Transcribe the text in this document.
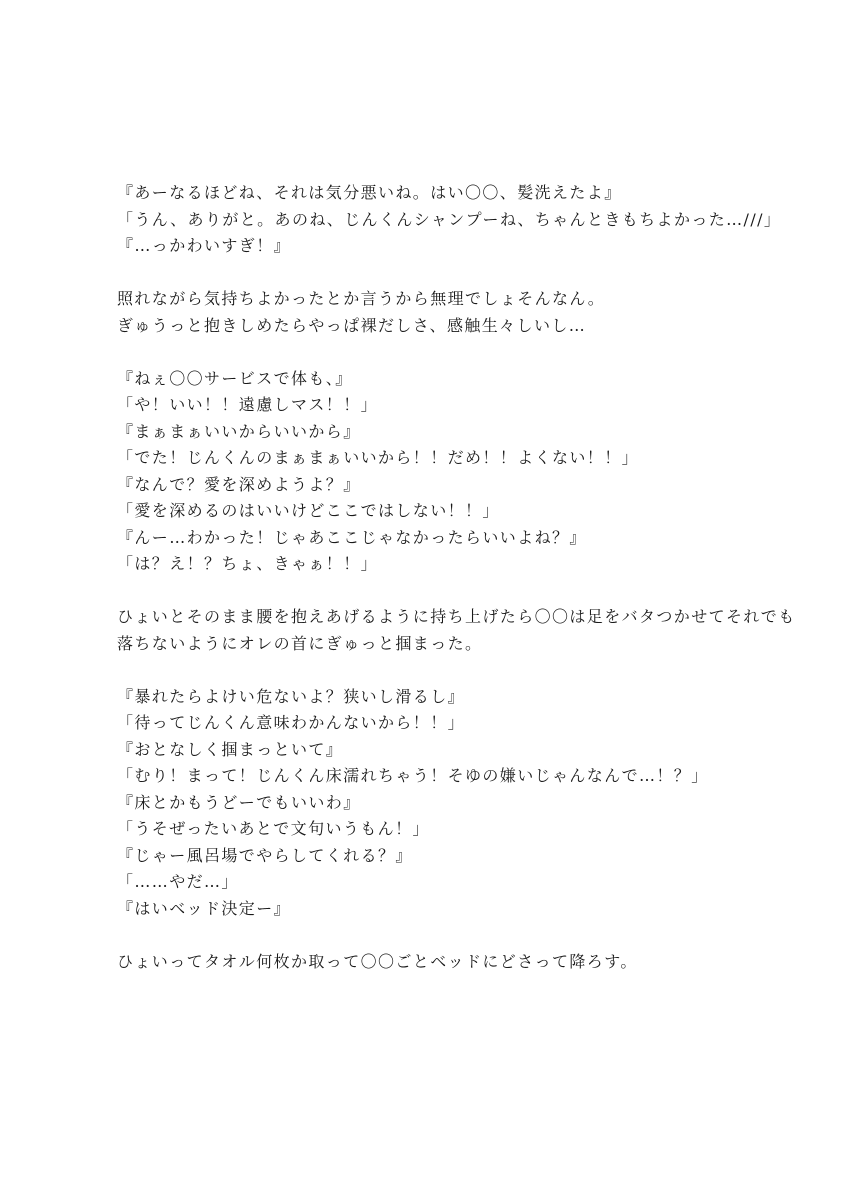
『あーなるほどね、それは気分悪いね。はい〇〇、髪洗えたよ』
「うん、ありがと。あのね、じんくんシャンプーね、ちゃんときもちよかった…///」
『…っかわいすぎ！』
照れながら気持ちよかったとか言うから無理でしょそんなん。
ぎゅうっと抱きしめたらやっぱ裸だしさ、感触生々しいし…
『ねぇ〇〇サービスで体も、』
「や！いい！！遠慮しマス！！」
『まぁまぁいいからいいから』
「でた！じんくんのまぁまぁいいから！！だめ！！よくない！！」
『なんで？愛を深めようよ？』
「愛を深めるのはいいけどここではしない！！」
『んー…わかった！じゃあここじゃなかったらいいよね？』
「は？え！？ちょ、きゃぁ！！」
ひょいとそのまま腰を抱えあげるように持ち上げたら〇〇は足をバタつかせてそれでも
落ちないようにオレの首にぎゅっと掴まった。
『暴れたらよけい危ないよ？狭いし滑るし』
「待ってじんくん意味わかんないから！！」
『おとなしく掴まっといて』
「むり！まって！じんくん床濡れちゃう！そゆの嫌いじゃんなんで…！？」
『床とかもうどーでもいいわ』
「うそぜったいあとで文句いうもん！」
『じゃー風呂場でやらしてくれる？』
「……やだ…」
『はいベッド決定ー』
ひょいってタオル何枚か取って〇〇ごとベッドにどさって降ろす。
